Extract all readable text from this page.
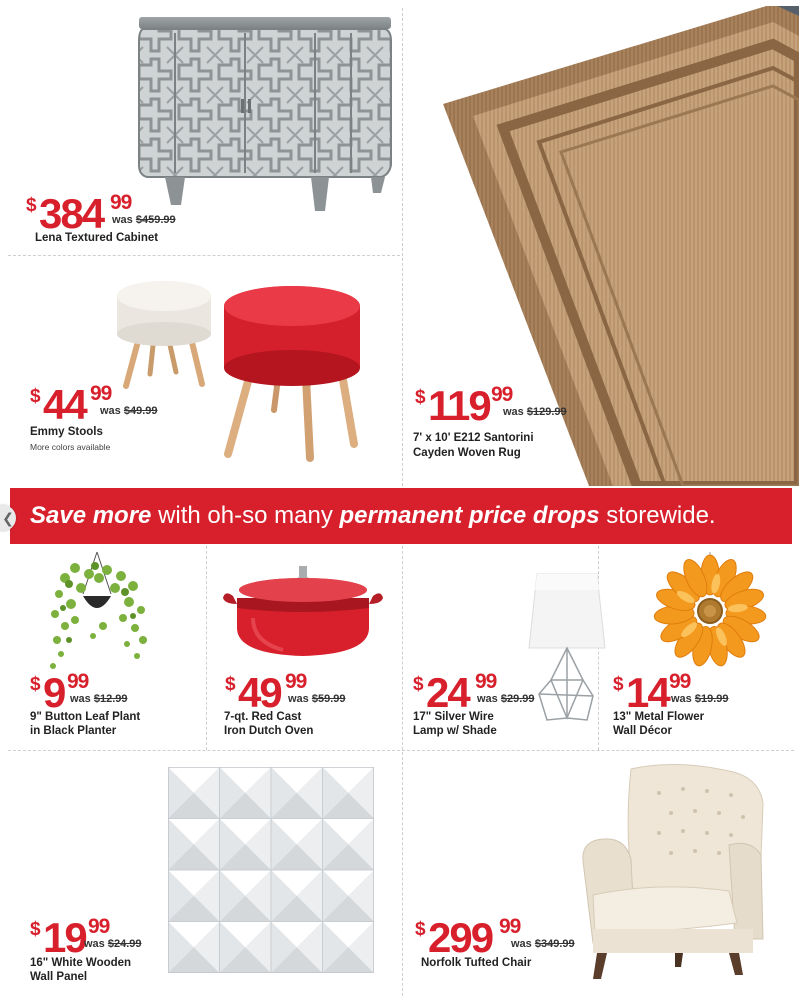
$ 384 99
was $459.99
Lena Textured Cabinet
$ 44 99
was $49.99
Emmy Stools
More colors available
$ 119 99
was $129.99
7' x 10' E212 Santorini
Cayden Woven Rug
Save more with oh-so many permanent price drops storewide.
❮
$ 9 99
was $12.99
9" Button Leaf Plant
in Black Planter
$ 49 99
was $59.99
7-qt. Red Cast
Iron Dutch Oven
$ 24 99
was $29.99
17" Silver Wire
Lamp w/ Shade
$ 14 99
was $19.99
13" Metal Flower
Wall Décor
$ 19 99
was $24.99
16" White Wooden
Wall Panel
$ 299 99
was $349.99
Norfolk Tufted Chair
